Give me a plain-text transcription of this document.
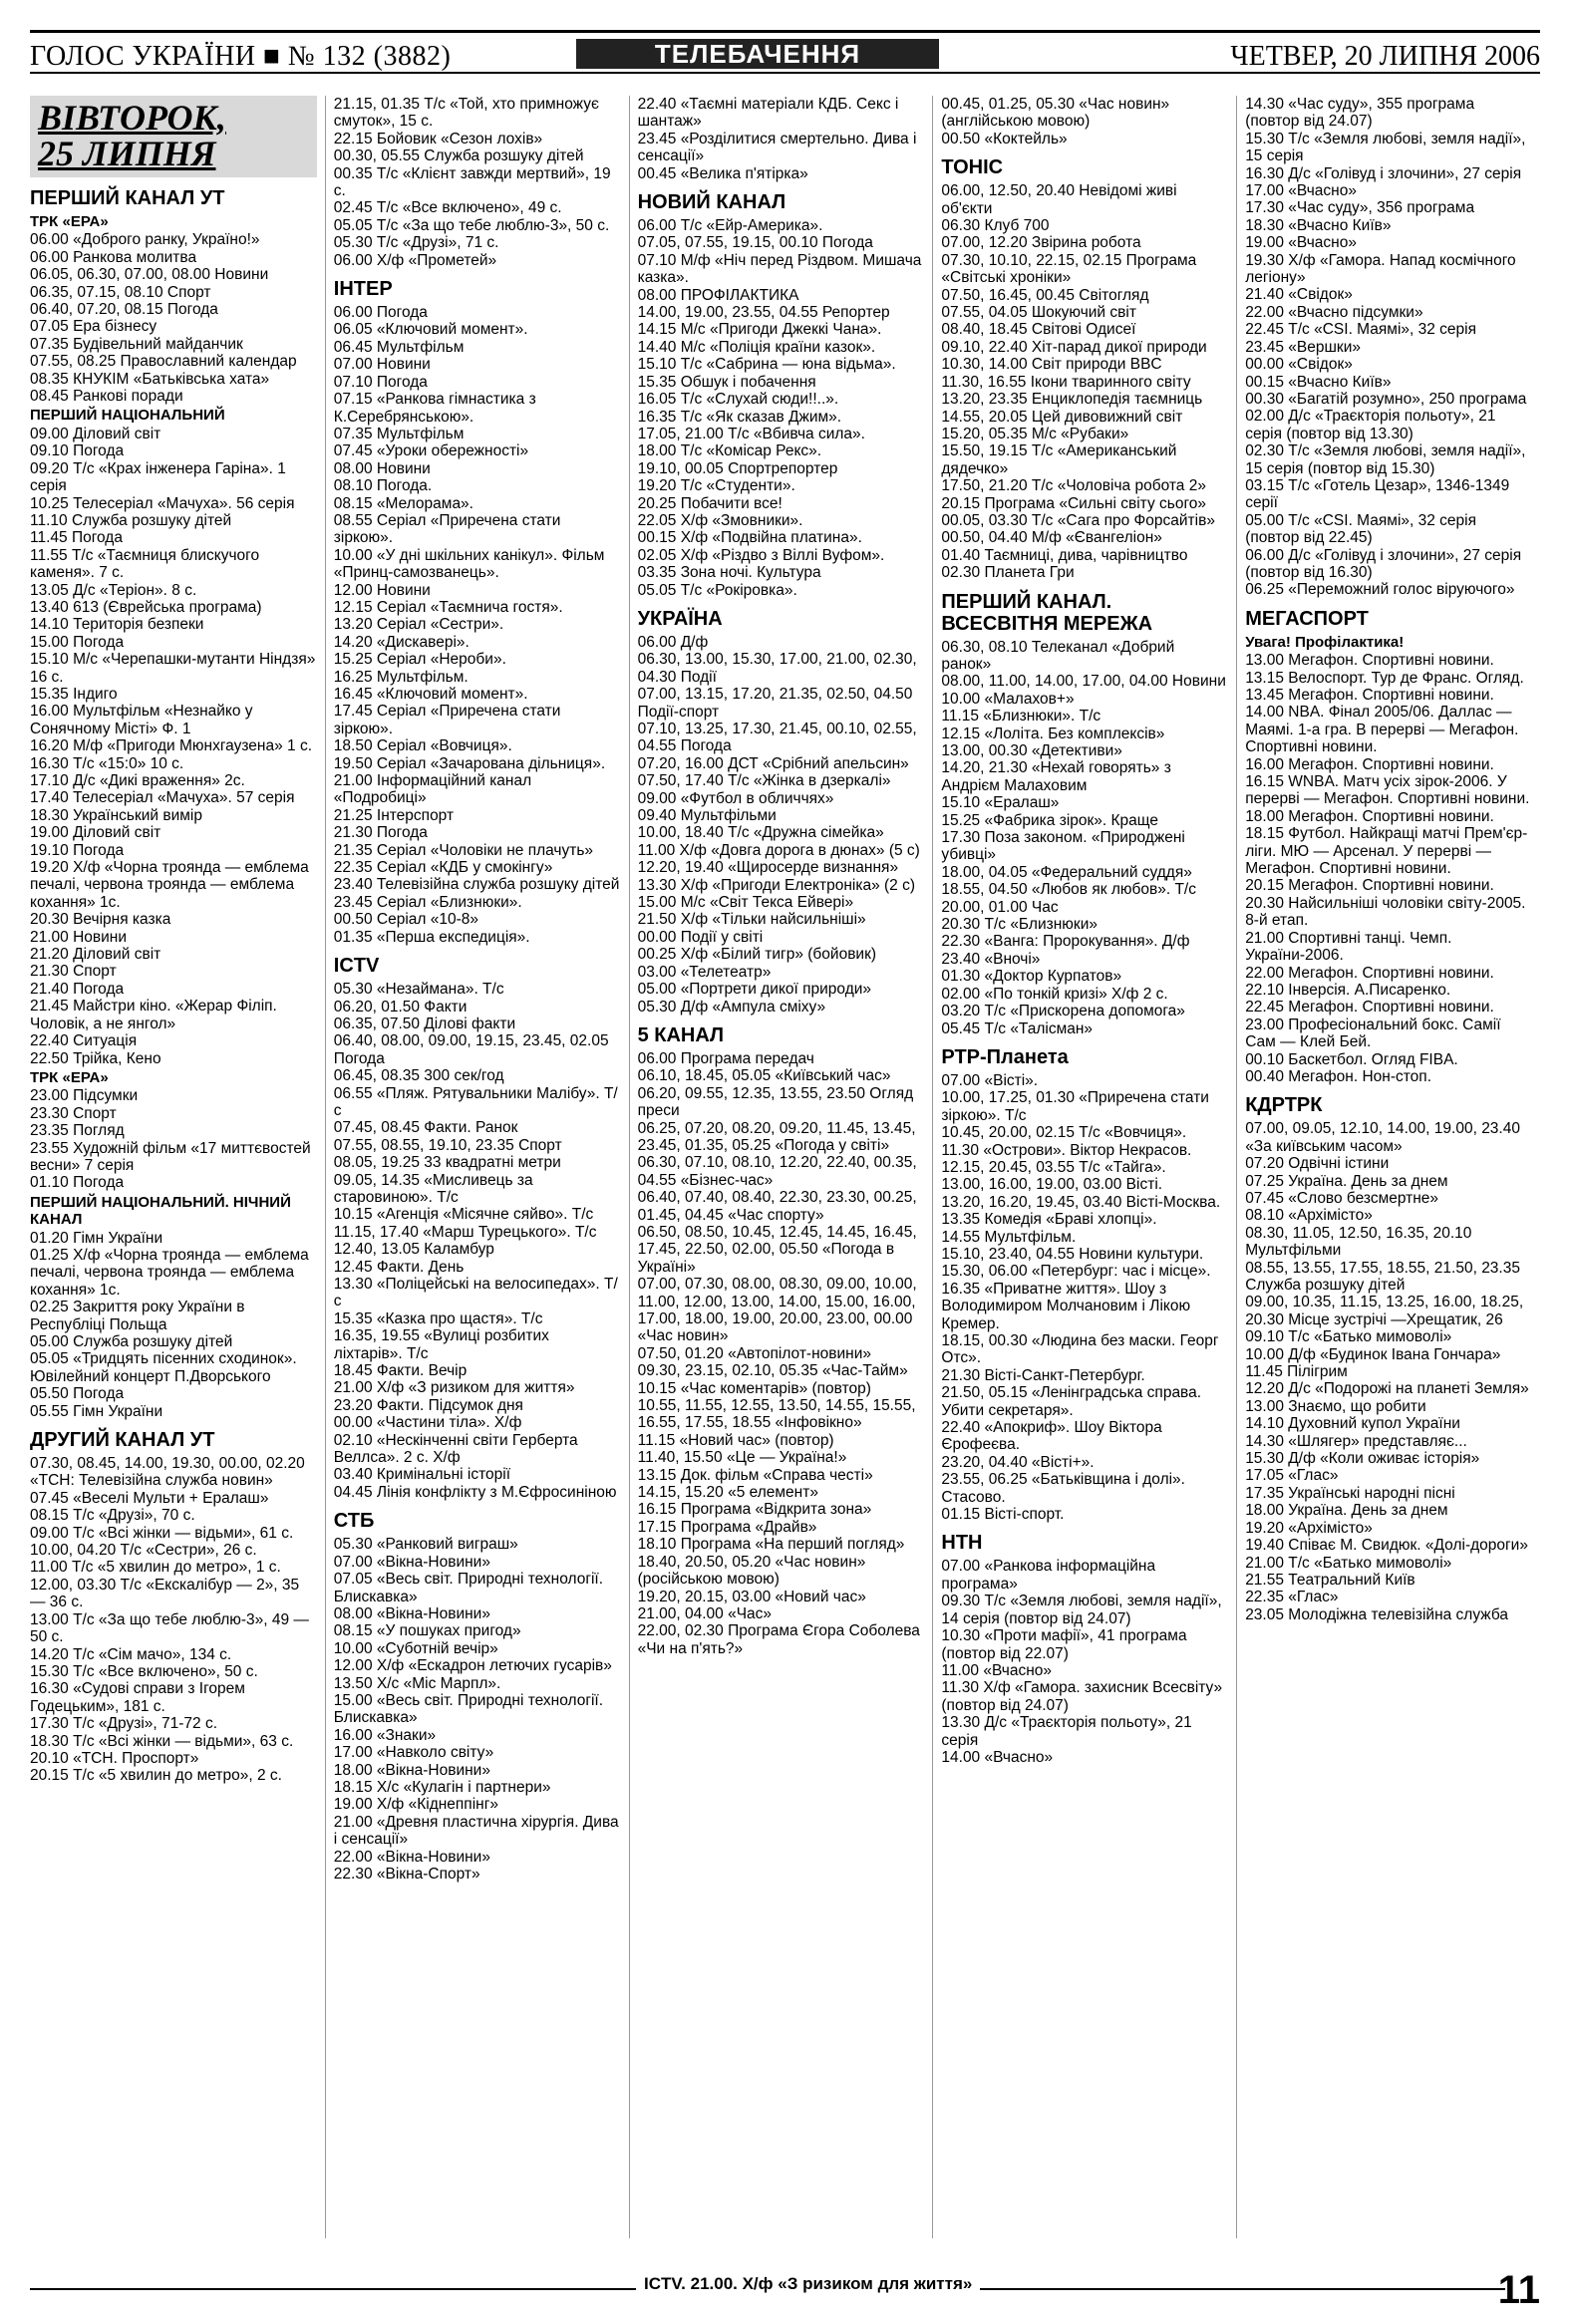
ГОЛОС УКРАЇНИ ■ № 132 (3882)	ТЕЛЕБАЧЕННЯ	ЧЕТВЕР, 20 ЛИПНЯ 2006
ВІВТОРОК,
25 ЛИПНЯ
ПЕРШИЙ КАНАЛ УТ
ТРК «ЕРА»
06.00 «Доброго ранку, Україно!»
06.00 Ранкова молитва
06.05, 06.30, 07.00, 08.00 Новини
06.35, 07.15, 08.10 Спорт
06.40, 07.20, 08.15 Погода
07.05 Ера бізнесу
07.35 Будівельний майданчик
07.55, 08.25 Православний календар
08.35 КНУКІМ «Батьківська хата»
08.45 Ранкові поради
ПЕРШИЙ НАЦІОНАЛЬНИЙ
09.00 Діловий світ
09.10 Погода
09.20 Т/с «Крах інженера Гаріна». 1 серія
10.25 Телесеріал «Мачуха». 56 серія
11.10 Служба розшуку дітей
11.45 Погода
11.55 Т/с «Таємниця блискучого каменя». 7 с.
13.05 Д/с «Теріон». 8 с.
13.40 613 (Єврейська програма)
14.10 Територія безпеки
15.00 Погода
15.10 М/с «Черепашки-мутанти Ніндзя» 16 с.
15.35 Індиго
16.00 Мультфільм «Незнайко у Сонячному Місті» Ф. 1
16.20 М/ф «Пригоди Мюнхгаузена» 1 с.
16.30 Т/с «15:0» 10 с.
17.10 Д/с «Дикі враження» 2с.
17.40 Телесеріал «Мачуха». 57 серія
18.30 Український вимір
19.00 Діловий світ
19.10 Погода
19.20 Х/ф «Чорна троянда — емблема печалі, червона троянда — емблема кохання» 1с.
20.30 Вечірня казка
21.00 Новини
21.20 Діловий світ
21.30 Спорт
21.40 Погода
21.45 Майстри кіно. «Жерар Філіп. Чоловік, а не янгол»
22.40 Ситуація
22.50 Трійка, Кено
ТРК «ЕРА»
23.00 Підсумки
23.30 Спорт
23.35 Погляд
23.55 Художній фільм «17 миттєвостей весни» 7 серія
01.10 Погода
ПЕРШИЙ НАЦІОНАЛЬНИЙ. НІЧНИЙ КАНАЛ
01.20 Гімн України
01.25 Х/ф «Чорна троянда — емблема печалі, червона троянда — емблема кохання» 1с.
02.25 Закриття року України в Республіці Польща
05.00 Служба розшуку дітей
05.05 «Тридцять пісенних сходинок». Ювілейний концерт П.Дворського
05.50 Погода
05.55 Гімн України
ДРУГИЙ КАНАЛ УТ
07.30, 08.45, 14.00, 19.30, 00.00, 02.20 «ТСН: Телевізійна служба новин»
07.45 «Веселі Мульти + Ералаш»
08.15 Т/с «Друзі», 70 с.
09.00 Т/с «Всі жінки — відьми», 61 с.
10.00, 04.20 Т/с «Сестри», 26 с.
11.00 Т/с «5 хвилин до метро», 1 с.
12.00, 03.30 Т/с «Екскалібур — 2», 35 — 36 с.
13.00 Т/с «За що тебе люблю-3», 49 — 50 с.
14.20 Т/с «Сім мачо», 134 с.
15.30 Т/с «Все включено», 50 с.
16.30 «Судові справи з Ігорем Годецьким», 181 с.
17.30 Т/с «Друзі», 71-72 с.
18.30 Т/с «Всі жінки — відьми», 63 с.
20.10 «ТСН. Проспорт»
20.15 Т/с «5 хвилин до метро», 2 с.
21.15, 01.35 Т/с «Той, хто примножує смуток», 15 с.
22.15 Бойовик «Сезон лохів»
00.30, 05.55 Служба розшуку дітей
00.35 Т/с «Клієнт завжди мертвий», 19 с.
02.45 Т/с «Все включено», 49 с.
05.05 Т/с «За що тебе люблю-3», 50 с.
05.30 Т/с «Друзі», 71 с.
06.00 Х/ф «Прометей»
ІНТЕР
06.00 Погода
06.05 «Ключовий момент».
06.45 Мультфільм
07.00 Новини
07.10 Погода
07.15 «Ранкова гімнастика з К.Серебрянською».
07.35 Мультфільм
07.45 «Уроки обережності»
08.00 Новини
08.10 Погода.
08.15 «Мелорама».
08.55 Серіал «Приречена стати зіркою».
10.00 «У дні шкільних канікул». Фільм «Принц-самозванець».
12.00 Новини
12.15 Серіал «Таємнича гостя».
13.20 Серіал «Сестри».
14.20 «Дискавері».
15.25 Серіал «Нероби».
16.25 Мультфільм.
16.45 «Ключовий момент».
17.45 Серіал «Приречена стати зіркою».
18.50 Серіал «Вовчиця».
19.50 Серіал «Зачарована дільниця».
21.00 Інформаційний канал «Подробиці»
21.25 Інтерспорт
21.30 Погода
21.35 Серіал «Чоловіки не плачуть»
22.35 Серіал «КДБ у смокінгу»
23.40 Телевізійна служба розшуку дітей
23.45 Серіал «Близнюки».
00.50 Серіал «10-8»
01.35 «Перша експедиція».
ICTV
05.30 «Незаймана». Т/с
06.20, 01.50 Факти
06.35, 07.50 Ділові факти
06.40, 08.00, 09.00, 19.15, 23.45, 02.05 Погода
06.45, 08.35 300 сек/год
06.55 «Пляж. Рятувальники Малібу». Т/с
07.45, 08.45 Факти. Ранок
07.55, 08.55, 19.10, 23.35 Спорт
08.05, 19.25 33 квадратні метри
09.05, 14.35 «Мисливець за старовиною». Т/с
10.15 «Агенція «Місячне сяйво». Т/с
11.15, 17.40 «Марш Турецького». Т/с
12.40, 13.05 Каламбур
12.45 Факти. День
13.30 «Поліцейські на велосипедах». Т/с
15.35 «Казка про щастя». Т/с
16.35, 19.55 «Вулиці розбитих ліхтарів». Т/с
18.45 Факти. Вечір
21.00 Х/ф «З ризиком для життя»
23.20 Факти. Підсумок дня
00.00 «Частини тіла». Х/ф
02.10 «Нескінченні світи Герберта Веллса». 2 с. Х/ф
03.40 Кримінальні історії
04.45 Лінія конфлікту з М.Єфросиніною
СТБ
05.30 «Ранковий виграш»
07.00 «Вікна-Новини»
07.05 «Весь світ. Природні технології. Блискавка»
08.00 «Вікна-Новини»
08.15 «У пошуках пригод»
10.00 «Суботній вечір»
12.00 Х/ф «Ескадрон летючих гусарів»
13.50 Х/с «Міс Марпл».
15.00 «Весь світ. Природні технології. Блискавка»
16.00 «Знаки»
17.00 «Навколо світу»
18.00 «Вікна-Новини»
18.15 Х/с «Кулагін і партнери»
19.00 Х/ф «Кіднеппінг»
21.00 «Древня пластична хірургія. Дива і сенсації»
22.00 «Вікна-Новини»
22.30 «Вікна-Спорт»
22.40 «Таємні матеріали КДБ. Секс і шантаж»
23.45 «Розділитися смертельно. Дива і сенсації»
00.45 «Велика п'ятірка»
НОВИЙ КАНАЛ
06.00 Т/с «Ейр-Америка».
07.05, 07.55, 19.15, 00.10 Погода
07.10 М/ф «Ніч перед Різдвом. Мишача казка».
08.00 ПРОФІЛАКТИКА
14.00, 19.00, 23.55, 04.55 Репортер
14.15 М/с «Пригоди Джеккі Чана».
14.40 М/с «Поліція країни казок».
15.10 Т/с «Сабрина — юна відьма».
15.35 Обшук і побачення
16.05 Т/с «Слухай сюди!!..».
16.35 Т/с «Як сказав Джим».
17.05, 21.00 Т/с «Вбивча сила».
18.00 Т/с «Комісар Рекс».
19.10, 00.05 Спортрепортер
19.20 Т/с «Студенти».
20.25 Побачити все!
22.05 Х/ф «Змовники».
00.15 Х/ф «Подвійна платина».
02.05 Х/ф «Різдво з Віллі Вуфом».
03.35 Зона ночі. Культура
05.05 Т/с «Рокіровка».
УКРАЇНА
06.00 Д/ф
06.30, 13.00, 15.30, 17.00, 21.00, 02.30, 04.30 Події
07.00, 13.15, 17.20, 21.35, 02.50, 04.50 Події-спорт
07.10, 13.25, 17.30, 21.45, 00.10, 02.55, 04.55 Погода
07.20, 16.00 ДСТ «Срібний апельсин»
07.50, 17.40 Т/с «Жінка в дзеркалі»
09.00 «Футбол в обличчях»
09.40 Мультфільми
10.00, 18.40 Т/с «Дружна сімейка»
11.00 Х/ф «Довга дорога в дюнах» (5 с)
12.20, 19.40 «Щиросерде визнання»
13.30 Х/ф «Пригоди Електроніка» (2 с)
15.00 М/с «Світ Текса Ейвері»
21.50 Х/ф «Тільки найсильніші»
00.00 Події у світі
00.25 Х/ф «Білий тигр» (бойовик)
03.00 «Телетеатр»
05.00 «Портрети дикої природи»
05.30 Д/ф «Ампула сміху»
5 КАНАЛ
06.00 Програма передач
06.10, 18.45, 05.05 «Київський час»
06.20, 09.55, 12.35, 13.55, 23.50 Огляд преси
06.25, 07.20, 08.20, 09.20, 11.45, 13.45, 23.45, 01.35, 05.25 «Погода у світі»
06.30, 07.10, 08.10, 12.20, 22.40, 00.35, 04.55 «Бізнес-час»
06.40, 07.40, 08.40, 22.30, 23.30, 00.25, 01.45, 04.45 «Час спорту»
06.50, 08.50, 10.45, 12.45, 14.45, 16.45, 17.45, 22.50, 02.00, 05.50 «Погода в Україні»
07.00, 07.30, 08.00, 08.30, 09.00, 10.00, 11.00, 12.00, 13.00, 14.00, 15.00, 16.00, 17.00, 18.00, 19.00, 20.00, 23.00, 00.00 «Час новин»
07.50, 01.20 «Автопілот-новини»
09.30, 23.15, 02.10, 05.35 «Час-Тайм»
10.15 «Час коментарів» (повтор)
10.55, 11.55, 12.55, 13.50, 14.55, 15.55, 16.55, 17.55, 18.55 «Інфовікно»
11.15 «Новий час» (повтор)
11.40, 15.50 «Це — Україна!»
13.15 Док. фільм «Справа честі»
14.15, 15.20 «5 елемент»
16.15 Програма «Відкрита зона»
17.15 Програма «Драйв»
18.10 Програма «На перший погляд»
18.40, 20.50, 05.20 «Час новин» (російською мовою)
19.20, 20.15, 03.00 «Новий час»
21.00, 04.00 «Час»
22.00, 02.30 Програма Єгора Соболева «Чи на п'ять?»
00.45, 01.25, 05.30 «Час новин» (англійською мовою)
00.50 «Коктейль»
ТОНІС
06.00, 12.50, 20.40 Невідомі живі об'єкти
06.30 Клуб 700
07.00, 12.20 Звірина робота
07.30, 10.10, 22.15, 02.15 Програма «Світські хроніки»
07.50, 16.45, 00.45 Світогляд
07.55, 04.05 Шокуючий світ
08.40, 18.45 Світові Одисеї
09.10, 22.40 Хіт-парад дикої природи
10.30, 14.00 Світ природи BBC
11.30, 16.55 Ікони тваринного світу
13.20, 23.35 Енциклопедія таємниць
14.55, 20.05 Цей дивовижний світ
15.20, 05.35 М/с «Рубаки»
15.50, 19.15 Т/с «Американський дядечко»
17.50, 21.20 Т/с «Чоловіча робота 2»
20.15 Програма «Сильні світу сього»
00.05, 03.30 Т/с «Сага про Форсайтів»
00.50, 04.40 М/ф «Євангеліон»
01.40 Таємниці, дива, чарівництво
02.30 Планета Гри
ПЕРШИЙ КАНАЛ. ВСЕСВІТНЯ МЕРЕЖА
06.30, 08.10 Телеканал «Добрий ранок»
08.00, 11.00, 14.00, 17.00, 04.00 Новини
10.00 «Малахов+»
11.15 «Близнюки». Т/с
12.15 «Лоліта. Без комплексів»
13.00, 00.30 «Детективи»
14.20, 21.30 «Нехай говорять» з Андрієм Малаховим
15.10 «Ералаш»
15.25 «Фабрика зірок». Краще
17.30 Поза законом. «Природжені убивці»
18.00, 04.05 «Федеральний суддя»
18.55, 04.50 «Любов як любов». Т/с
20.00, 01.00 Час
20.30 Т/с «Близнюки»
22.30 «Ванга: Пророкування». Д/ф
23.40 «Вночі»
01.30 «Доктор Курпатов»
02.00 «По тонкій кризі» Х/ф 2 с.
03.20 Т/с «Прискорена допомога»
05.45 Т/с «Талісман»
РТР-Планета
07.00 «Вісті».
10.00, 17.25, 01.30 «Приречена стати зіркою». Т/с
10.45, 20.00, 02.15 Т/с «Вовчиця».
11.30 «Острови». Віктор Некрасов.
12.15, 20.45, 03.55 Т/с «Тайга».
13.00, 16.00, 19.00, 03.00 Вісті.
13.20, 16.20, 19.45, 03.40 Вісті-Москва.
13.35 Комедія «Браві хлопці».
14.55 Мультфільм.
15.10, 23.40, 04.55 Новини культури.
15.30, 06.00 «Петербург: час і місце».
16.35 «Приватне життя». Шоу з Володимиром Молчановим і Лікою Кремер.
18.15, 00.30 «Людина без маски. Георг Отс».
21.30 Вісті-Санкт-Петербург.
21.50, 05.15 «Ленінградська справа. Убити секретаря».
22.40 «Апокриф». Шоу Віктора Єрофеєва.
23.20, 04.40 «Вісті+».
23.55, 06.25 «Батьківщина і долі». Стасово.
01.15 Вісті-спорт.
НТН
07.00 «Ранкова інформаційна програма»
09.30 Т/с «Земля любові, земля надії», 14 серія (повтор від 24.07)
10.30 «Проти мафії», 41 програма (повтор від 22.07)
11.00 «Вчасно»
11.30 Х/ф «Гамора. захисник Всесвіту» (повтор від 24.07)
13.30 Д/с «Траєкторія польоту», 21 серія
14.00 «Вчасно»
14.30 «Час суду», 355 програма (повтор від 24.07)
15.30 Т/с «Земля любові, земля надії», 15 серія
16.30 Д/с «Голівуд і злочини», 27 серія
17.00 «Вчасно»
17.30 «Час суду», 356 програма
18.30 «Вчасно Київ»
19.00 «Вчасно»
19.30 Х/ф «Гамора. Напад космічного легіону»
21.40 «Свідок»
22.00 «Вчасно підсумки»
22.45 Т/с «CSI. Маямі», 32 серія
23.45 «Вершки»
00.00 «Свідок»
00.15 «Вчасно Київ»
00.30 «Багатій розумно», 250 програма
02.00 Д/с «Траєкторія польоту», 21 серія (повтор від 13.30)
02.30 Т/с «Земля любові, земля надії», 15 серія (повтор від 15.30)
03.15 Т/с «Готель Цезар», 1346-1349 серії
05.00 Т/с «CSI. Маямі», 32 серія (повтор від 22.45)
06.00 Д/с «Голівуд і злочини», 27 серія (повтор від 16.30)
06.25 «Переможний голос віруючого»
МЕГАСПОРТ
Увага! Профілактика!
13.00 Мегафон. Спортивні новини.
13.15 Велоспорт. Тур де Франс. Огляд.
13.45 Мегафон. Спортивні новини.
14.00 NBA. Фінал 2005/06. Даллас — Маямі. 1-а гра. В перерві — Мегафон. Спортивні новини.
16.00 Мегафон. Спортивні новини.
16.15 WNBA. Матч усіх зірок-2006. У перерві — Мегафон. Спортивні новини.
18.00 Мегафон. Спортивні новини.
18.15 Футбол. Найкращі матчі Прем'єр-ліги. МЮ — Арсенал. У перерві — Мегафон. Спортивні новини.
20.15 Мегафон. Спортивні новини.
20.30 Найсильніші чоловіки світу-2005. 8-й етап.
21.00 Спортивні танці. Чемп. України-2006.
22.00 Мегафон. Спортивні новини.
22.10 Інверсія. А.Писаренко.
22.45 Мегафон. Спортивні новини.
23.00 Професіональний бокс. Самії Сам — Клей Бей.
00.10 Баскетбол. Огляд FIBA.
00.40 Мегафон. Нон-стоп.
КДРТРК
07.00, 09.05, 12.10, 14.00, 19.00, 23.40 «За київським часом»
07.20 Одвічні істини
07.25 Україна. День за днем
07.45 «Слово безсмертне»
08.10 «Архімісто»
08.30, 11.05, 12.50, 16.35, 20.10 Мультфільми
08.55, 13.55, 17.55, 18.55, 21.50, 23.35 Служба розшуку дітей
09.00, 10.35, 11.15, 13.25, 16.00, 18.25, 20.30 Місце зустрічі —Хрещатик, 26
09.10 Т/с «Батько мимоволі»
10.00 Д/ф «Будинок Івана Гончара»
11.45 Пілігрим
12.20 Д/с «Подорожі на планеті Земля»
13.00 Знаємо, що робити
14.10 Духовний купол України
14.30 «Шлягер» представляє...
15.30 Д/ф «Коли оживає історія»
17.05 «Глас»
17.35 Українські народні пісні
18.00 Україна. День за днем
19.20 «Архімісто»
19.40 Співає М. Свидюк. «Долі-дороги»
21.00 Т/с «Батько мимоволі»
21.55 Театральний Київ
22.35 «Глас»
23.05 Молодіжна телевізійна служба
ICTV. 21.00. Х/ф «З ризиком для життя»	11
